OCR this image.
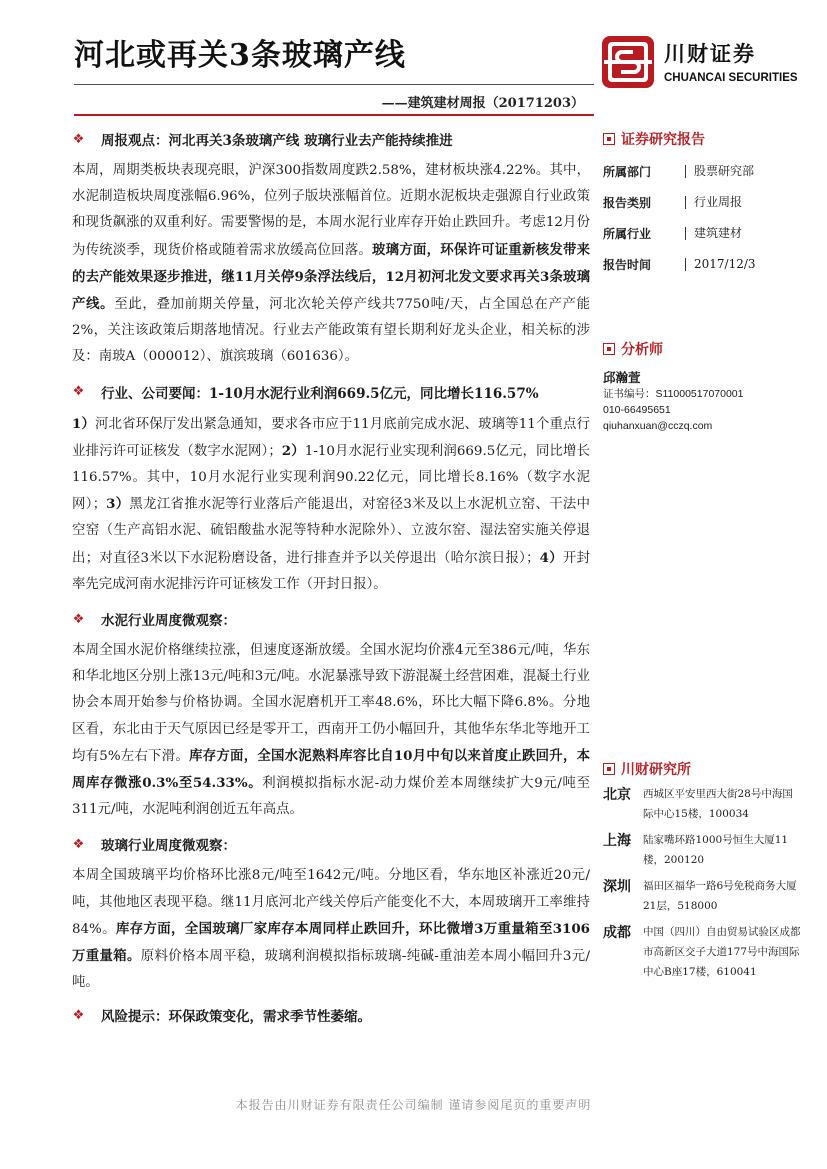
河北或再关3条玻璃产线
——建筑建材周报（20171203）
川财证券
CHUANCAI SECURITIES
❖ 周报观点：河北再关3条玻璃产线 玻璃行业去产能持续推进

本周，周期类板块表现亮眼，沪深300指数周度跌2.58%，建材板块涨4.22%。其中，水泥制造板块周度涨幅6.96%，位列子版块涨幅首位。近期水泥板块走强源自行业政策和现货飙涨的双重利好。需要警惕的是，本周水泥行业库存开始止跌回升。考虑12月份为传统淡季，现货价格或随着需求放缓高位回落。玻璃方面，环保许可证重新核发带来的去产能效果逐步推进，继11月关停9条浮法线后，12月初河北发文要求再关3条玻璃产线。至此，叠加前期关停量，河北次轮关停产线共7750吨/天，占全国总在产产能2%，关注该政策后期落地情况。行业去产能政策有望长期利好龙头企业，相关标的涉及：南玻A（000012）、旗滨玻璃（601636）。

❖ 行业、公司要闻：1-10月水泥行业利润669.5亿元，同比增长116.57%

1）河北省环保厅发出紧急通知，要求各市应于11月底前完成水泥、玻璃等11个重点行业排污许可证核发（数字水泥网）；2）1-10月水泥行业实现利润669.5亿元，同比增长116.57%。其中，10月水泥行业实现利润90.22亿元，同比增长8.16%（数字水泥网）；3）黑龙江省推水泥等行业落后产能退出，对窑径3米及以上水泥机立窑、干法中空窑（生产高铝水泥、硫铝酸盐水泥等特种水泥除外）、立波尔窑、湿法窑实施关停退出；对直径3米以下水泥粉磨设备，进行排查并予以关停退出（哈尔滨日报）；4）开封率先完成河南水泥排污许可证核发工作（开封日报）。

❖ 水泥行业周度微观察：

本周全国水泥价格继续拉涨，但速度逐渐放缓。全国水泥均价涨4元至386元/吨，华东和华北地区分别上涨13元/吨和3元/吨。水泥暴涨导致下游混凝土经营困难，混凝土行业协会本周开始参与价格协调。全国水泥磨机开工率48.6%，环比大幅下降6.8%。分地区看，东北由于天气原因已经是零开工，西南开工仍小幅回升，其他华东华北等地开工均有5%左右下滑。库存方面，全国水泥熟料库容比自10月中旬以来首度止跌回升，本周库存微涨0.3%至54.33%。利润模拟指标水泥-动力煤价差本周继续扩大9元/吨至311元/吨，水泥吨利润创近五年高点。

❖ 玻璃行业周度微观察：

本周全国玻璃平均价格环比涨8元/吨至1642元/吨。分地区看，华东地区补涨近20元/吨，其他地区表现平稳。继11月底河北产线关停后产能变化不大，本周玻璃开工率维持84%。库存方面，全国玻璃厂家库存本周同样止跌回升，环比微增3万重量箱至3106万重量箱。原料价格本周平稳，玻璃利润模拟指标玻璃-纯碱-重油差本周小幅回升3元/吨。

❖ 风险提示：环保政策变化，需求季节性萎缩。
证券研究报告
所属部门	股票研究部
报告类别	行业周报
所属行业	建筑建材
报告时间	2017/12/3
分析师
邱瀚萱
证书编号：S1100051707000​1
010-66495651
qiuhanxuan@cczq.com
川财研究所
北京	西城区平安里西大街28号中海国际中心15楼，100034
上海	陆家嘴环路1000号恒生大厦11楼，200120
深圳	福田区福华一路6号免税商务大厦21层，518000
成都	中国（四川）自由贸易试验区成都市高新区交子大道177号中海国际中心B座17楼，610041
本报告由川财证券有限责任公司编制 谨请参阅尾页的重要声明
